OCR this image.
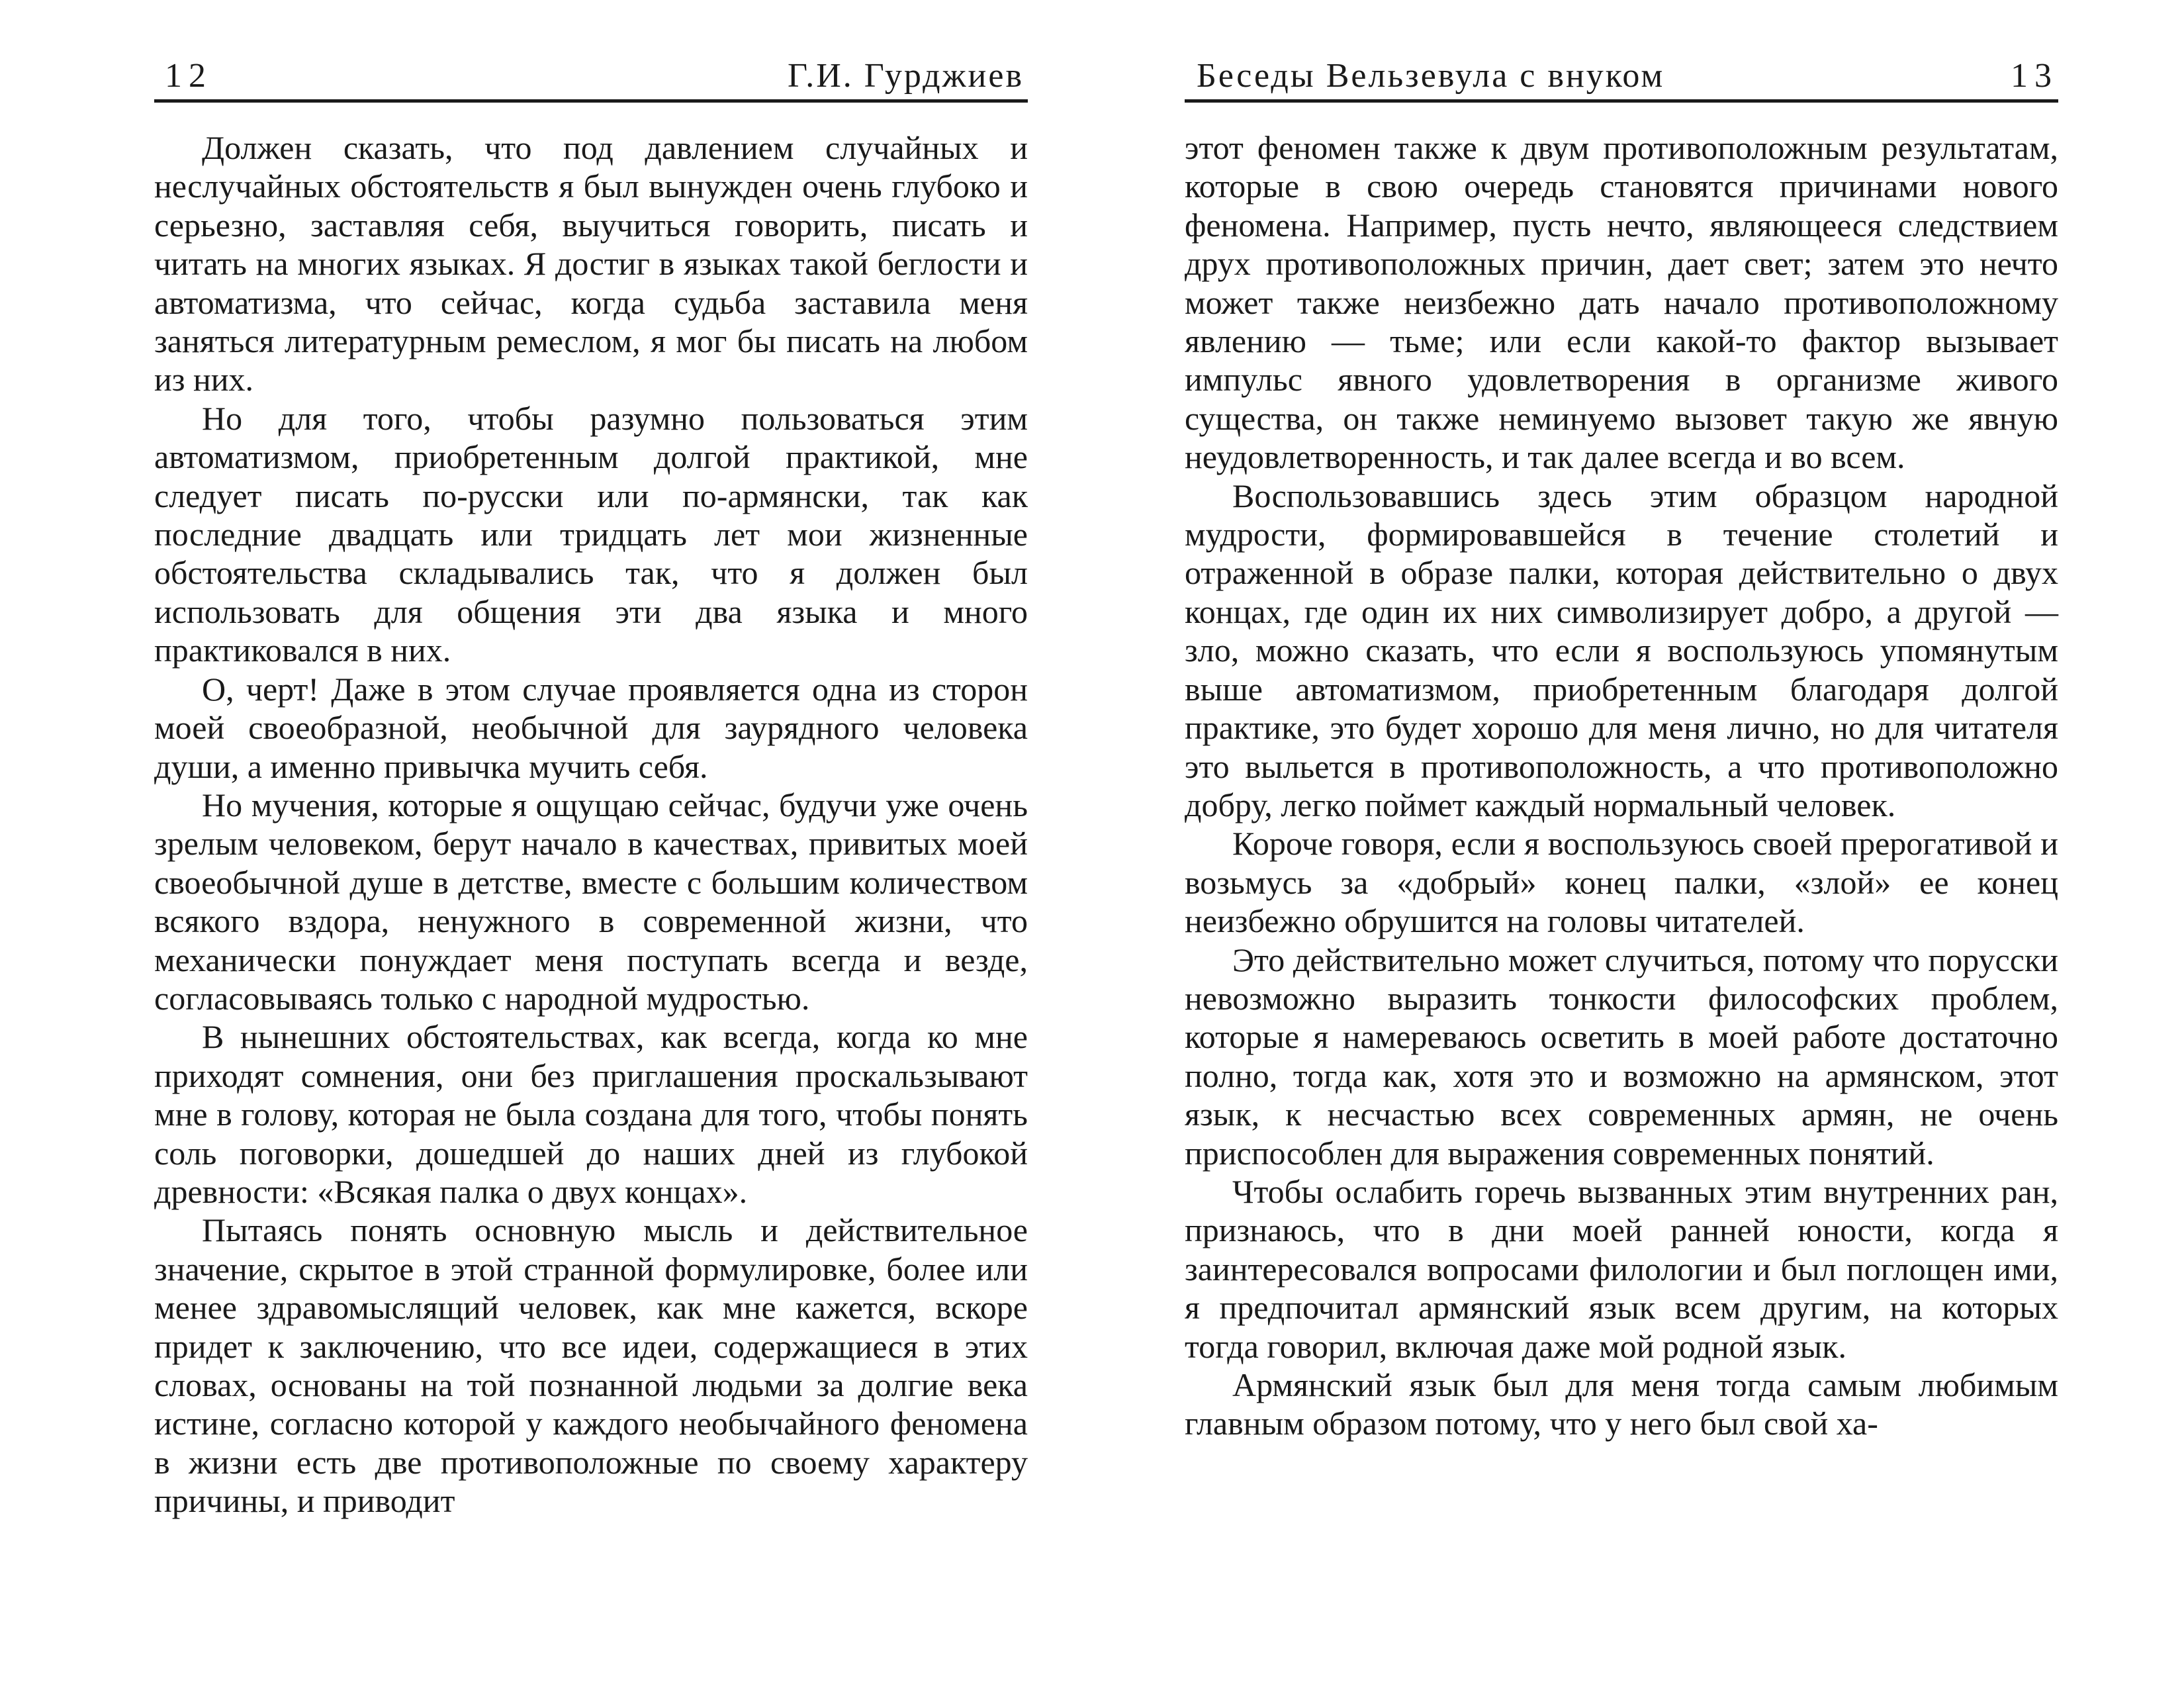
12	Г.И. Гурджиев

Должен сказать, что под давлением случайных и неслучайных обстоятельств я был вынужден очень глубоко и серьезно, заставляя себя, выучиться говорить, писать и читать на многих языках. Я достиг в языках такой беглости и автоматизма, что сейчас, когда судьба заставила меня заняться литературным ремеслом, я мог бы писать на любом из них.

Но для того, чтобы разумно пользоваться этим автоматизмом, приобретенным долгой практикой, мне следует писать по-русски или по-армянски, так как последние двадцать или тридцать лет мои жизненные обстоятельства складывались так, что я должен был использовать для общения эти два языка и много практиковался в них.

О, черт! Даже в этом случае проявляется одна из сторон моей своеобразной, необычной для заурядного человека души, а именно привычка мучить себя.

Но мучения, которые я ощущаю сейчас, будучи уже очень зрелым человеком, берут начало в качествах, привитых моей своеобычной душе в детстве, вместе с большим количеством всякого вздора, ненужного в современной жизни, что механически понуждает меня поступать всегда и везде, согласовываясь только с народной мудростью.

В нынешних обстоятельствах, как всегда, когда ко мне приходят сомнения, они без приглашения проскальзывают мне в голову, которая не была создана для того, чтобы понять соль поговорки, дошедшей до наших дней из глубокой древности: «Всякая палка о двух концах».

Пытаясь понять основную мысль и действительное значение, скрытое в этой странной формулировке, более или менее здравомыслящий человек, как мне кажется, вскоре придет к заключению, что все идеи, содержащиеся в этих словах, основаны на той познанной людьми за долгие века истине, согласно которой у каждого необычайного феномена в жизни есть две противоположные по своему характеру причины, и приводит

Беседы Вельзевула с внуком	13

этот феномен также к двум противоположным результатам, которые в свою очередь становятся причинами нового феномена. Например, пусть нечто, являющееся следствием друх противоположных причин, дает свет; затем это нечто может также неизбежно дать начало противоположному явлению — тьме; или если какой-то фактор вызывает импульс явного удовлетворения в организме живого существа, он также неминуемо вызовет такую же явную неудовлетворенность, и так далее всегда и во всем.

Воспользовавшись здесь этим образцом народной мудрости, формировавшейся в течение столетий и отраженной в образе палки, которая действительно о двух концах, где один их них символизирует добро, а другой — зло, можно сказать, что если я воспользуюсь упомянутым выше автоматизмом, приобретенным благодаря долгой практике, это будет хорошо для меня лично, но для читателя это выльется в противоположность, а что противоположно добру, легко поймет каждый нормальный человек.

Короче говоря, если я воспользуюсь своей прерогативой и возьмусь за «добрый» конец палки, «злой» ее конец неизбежно обрушится на головы читателей.

Это действительно может случиться, потому что порусски невозможно выразить тонкости философских проблем, которые я намереваюсь осветить в моей работе достаточно полно, тогда как, хотя это и возможно на армянском, этот язык, к несчастью всех современных армян, не очень приспособлен для выражения современных понятий.

Чтобы ослабить горечь вызванных этим внутренних ран, признаюсь, что в дни моей ранней юности, когда я заинтересовался вопросами филологии и был поглощен ими, я предпочитал армянский язык всем другим, на которых тогда говорил, включая даже мой родной язык.

Армянский язык был для меня тогда самым любимым главным образом потому, что у него был свой ха-
